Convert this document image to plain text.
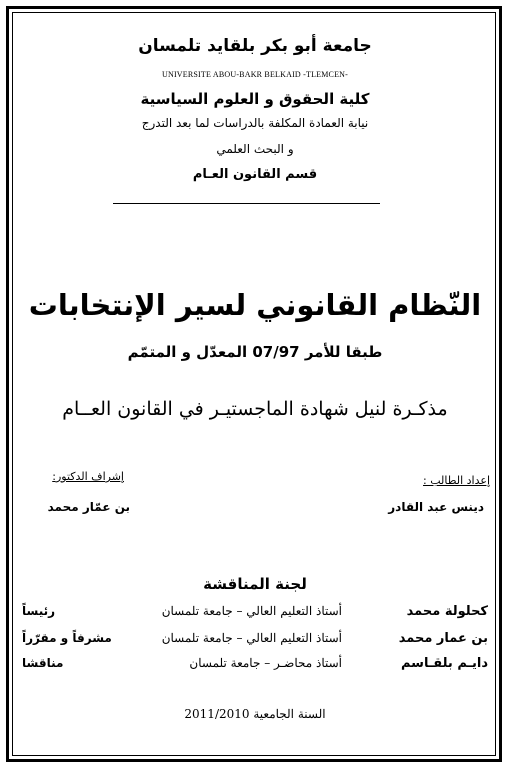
جامعة أبو بكر بلقايد تلمسان
UNIVERSITE ABOU-BAKR BELKAID -TLEMCEN-
كلية الحقوق و العلوم السياسية
نيابة العمادة المكلفة بالدراسات لما بعد التدرج
و البحث العلمي
قسم القانون العـام
النّظام القانوني لسير الإنتخابات
طبقا للأمر 07/97 المعدّل و المتمّم
مذكـرة لنيل شهادة الماجستيـر في القانون العــام
إعداد الطالب :
إشراف الدكتور:
دينس عبد القادر
بن عمّار محمد
لجنة المناقشة
كحلولة محمد
أستاذ التعليم العالي – جامعة تلمسان
رئيساً
بن عمار محمد
أستاذ التعليم العالي – جامعة تلمسان
مشرفاً و مقرّراً
دايـم بلقـاسم
أستاذ محاضـر – جامعة تلمسان
مناقشا
السنة الجامعية 2011/2010
